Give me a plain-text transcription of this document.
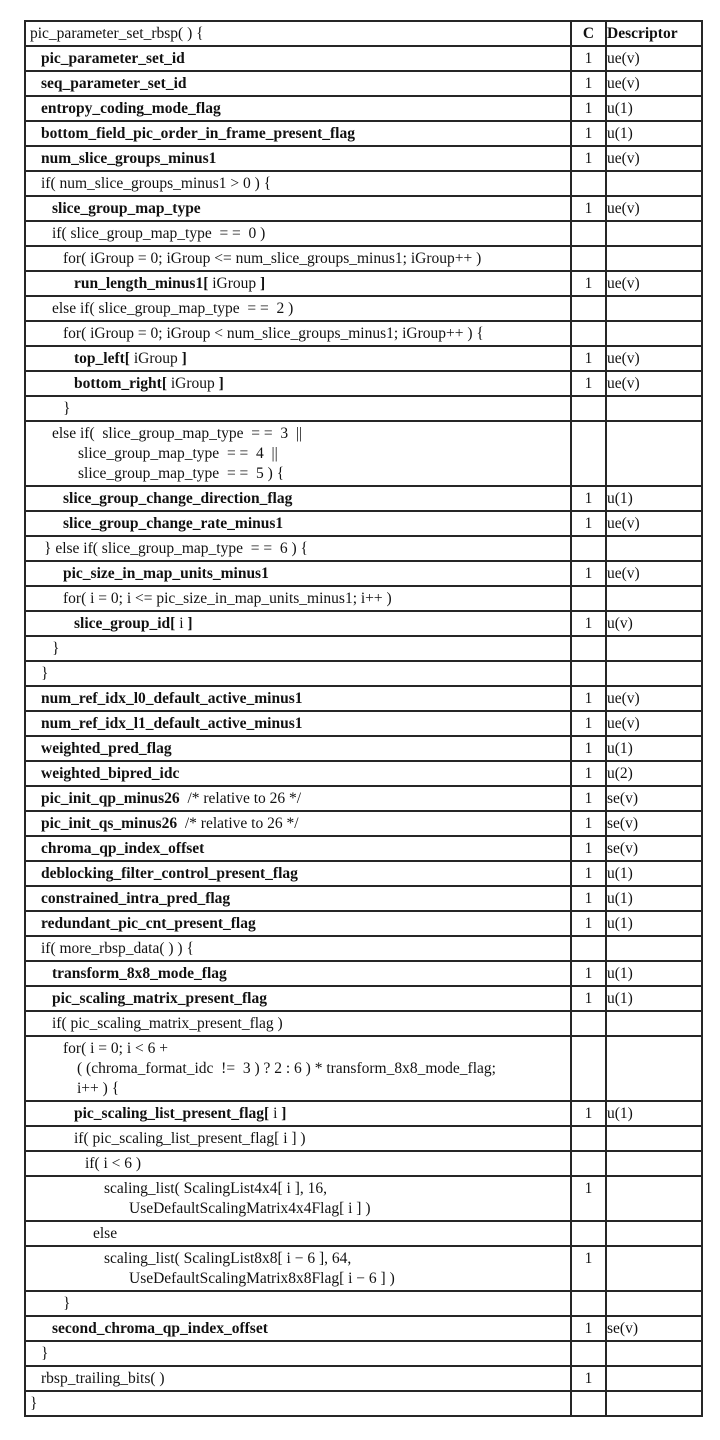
pic_parameter_set_rbsp( ) {	C	Descriptor

pic_parameter_set_id	1	ue(v)

seq_parameter_set_id	1	ue(v)

entropy_coding_mode_flag	1	u(1)

bottom_field_pic_order_in_frame_present_flag	1	u(1)

num_slice_groups_minus1	1	ue(v)

if( num_slice_groups_minus1 > 0 ) {		

slice_group_map_type	1	ue(v)

if( slice_group_map_type  = =  0 )		

for( iGroup = 0; iGroup <= num_slice_groups_minus1; iGroup++ )		

run_length_minus1[ iGroup ]	1	ue(v)

else if( slice_group_map_type  = =  2 )		

for( iGroup = 0; iGroup < num_slice_groups_minus1; iGroup++ ) {		

top_left[ iGroup ]	1	ue(v)

bottom_right[ iGroup ]	1	ue(v)

}		

else if(  slice_group_map_type  = =  3  ||
slice_group_map_type  = =  4  ||
slice_group_map_type  = =  5 ) {		

slice_group_change_direction_flag	1	u(1)

slice_group_change_rate_minus1	1	ue(v)

} else if( slice_group_map_type  = =  6 ) {		

pic_size_in_map_units_minus1	1	ue(v)

for( i = 0; i <= pic_size_in_map_units_minus1; i++ )		

slice_group_id[ i ]	1	u(v)

}		

}		

num_ref_idx_l0_default_active_minus1	1	ue(v)

num_ref_idx_l1_default_active_minus1	1	ue(v)

weighted_pred_flag	1	u(1)

weighted_bipred_idc	1	u(2)

pic_init_qp_minus26  /* relative to 26 */	1	se(v)

pic_init_qs_minus26  /* relative to 26 */	1	se(v)

chroma_qp_index_offset	1	se(v)

deblocking_filter_control_present_flag	1	u(1)

constrained_intra_pred_flag	1	u(1)

redundant_pic_cnt_present_flag	1	u(1)

if( more_rbsp_data( ) ) {		

transform_8x8_mode_flag	1	u(1)

pic_scaling_matrix_present_flag	1	u(1)

if( pic_scaling_matrix_present_flag )		

for( i = 0; i < 6 +
( (chroma_format_idc  !=  3 ) ? 2 : 6 ) * transform_8x8_mode_flag;
i++ ) {		

pic_scaling_list_present_flag[ i ]	1	u(1)

if( pic_scaling_list_present_flag[ i ] )		

if( i < 6 )		

scaling_list( ScalingList4x4[ i ], 16,
UseDefaultScalingMatrix4x4Flag[ i ] )	1	

else		

scaling_list( ScalingList8x8[ i − 6 ], 64,
UseDefaultScalingMatrix8x8Flag[ i − 6 ] )	1	

}		

second_chroma_qp_index_offset	1	se(v)

}		

rbsp_trailing_bits( )	1	

}		
